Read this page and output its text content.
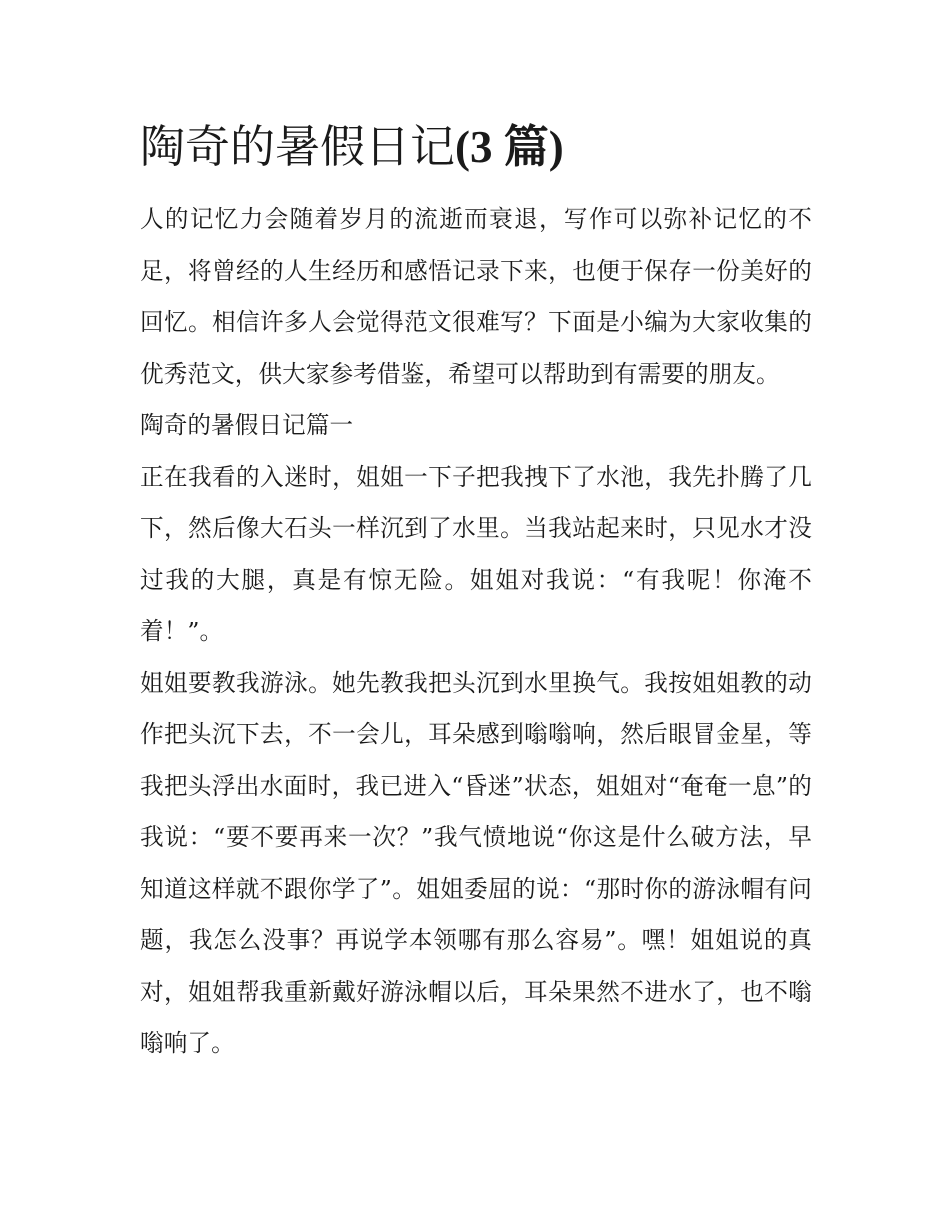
陶奇的暑假日记(3 篇)

人的记忆力会随着岁月的流逝而衰退，写作可以弥补记忆的不足，将曾经的人生经历和感悟记录下来，也便于保存一份美好的回忆。相信许多人会觉得范文很难写？下面是小编为大家收集的优秀范文，供大家参考借鉴，希望可以帮助到有需要的朋友。

陶奇的暑假日记篇一

正在我看的入迷时，姐姐一下子把我拽下了水池，我先扑腾了几下，然后像大石头一样沉到了水里。当我站起来时，只见水才没过我的大腿，真是有惊无险。姐姐对我说：“有我呢！你淹不着！”。

姐姐要教我游泳。她先教我把头沉到水里换气。我按姐姐教的动作把头沉下去，不一会儿，耳朵感到嗡嗡响，然后眼冒金星，等我把头浮出水面时，我已进入“昏迷”状态，姐姐对“奄奄一息”的我说：“要不要再来一次？”我气愤地说“你这是什么破方法，早知道这样就不跟你学了”。姐姐委屈的说：“那时你的游泳帽有问题，我怎么没事？再说学本领哪有那么容易”。嘿！姐姐说的真对，姐姐帮我重新戴好游泳帽以后，耳朵果然不进水了，也不嗡嗡响了。
